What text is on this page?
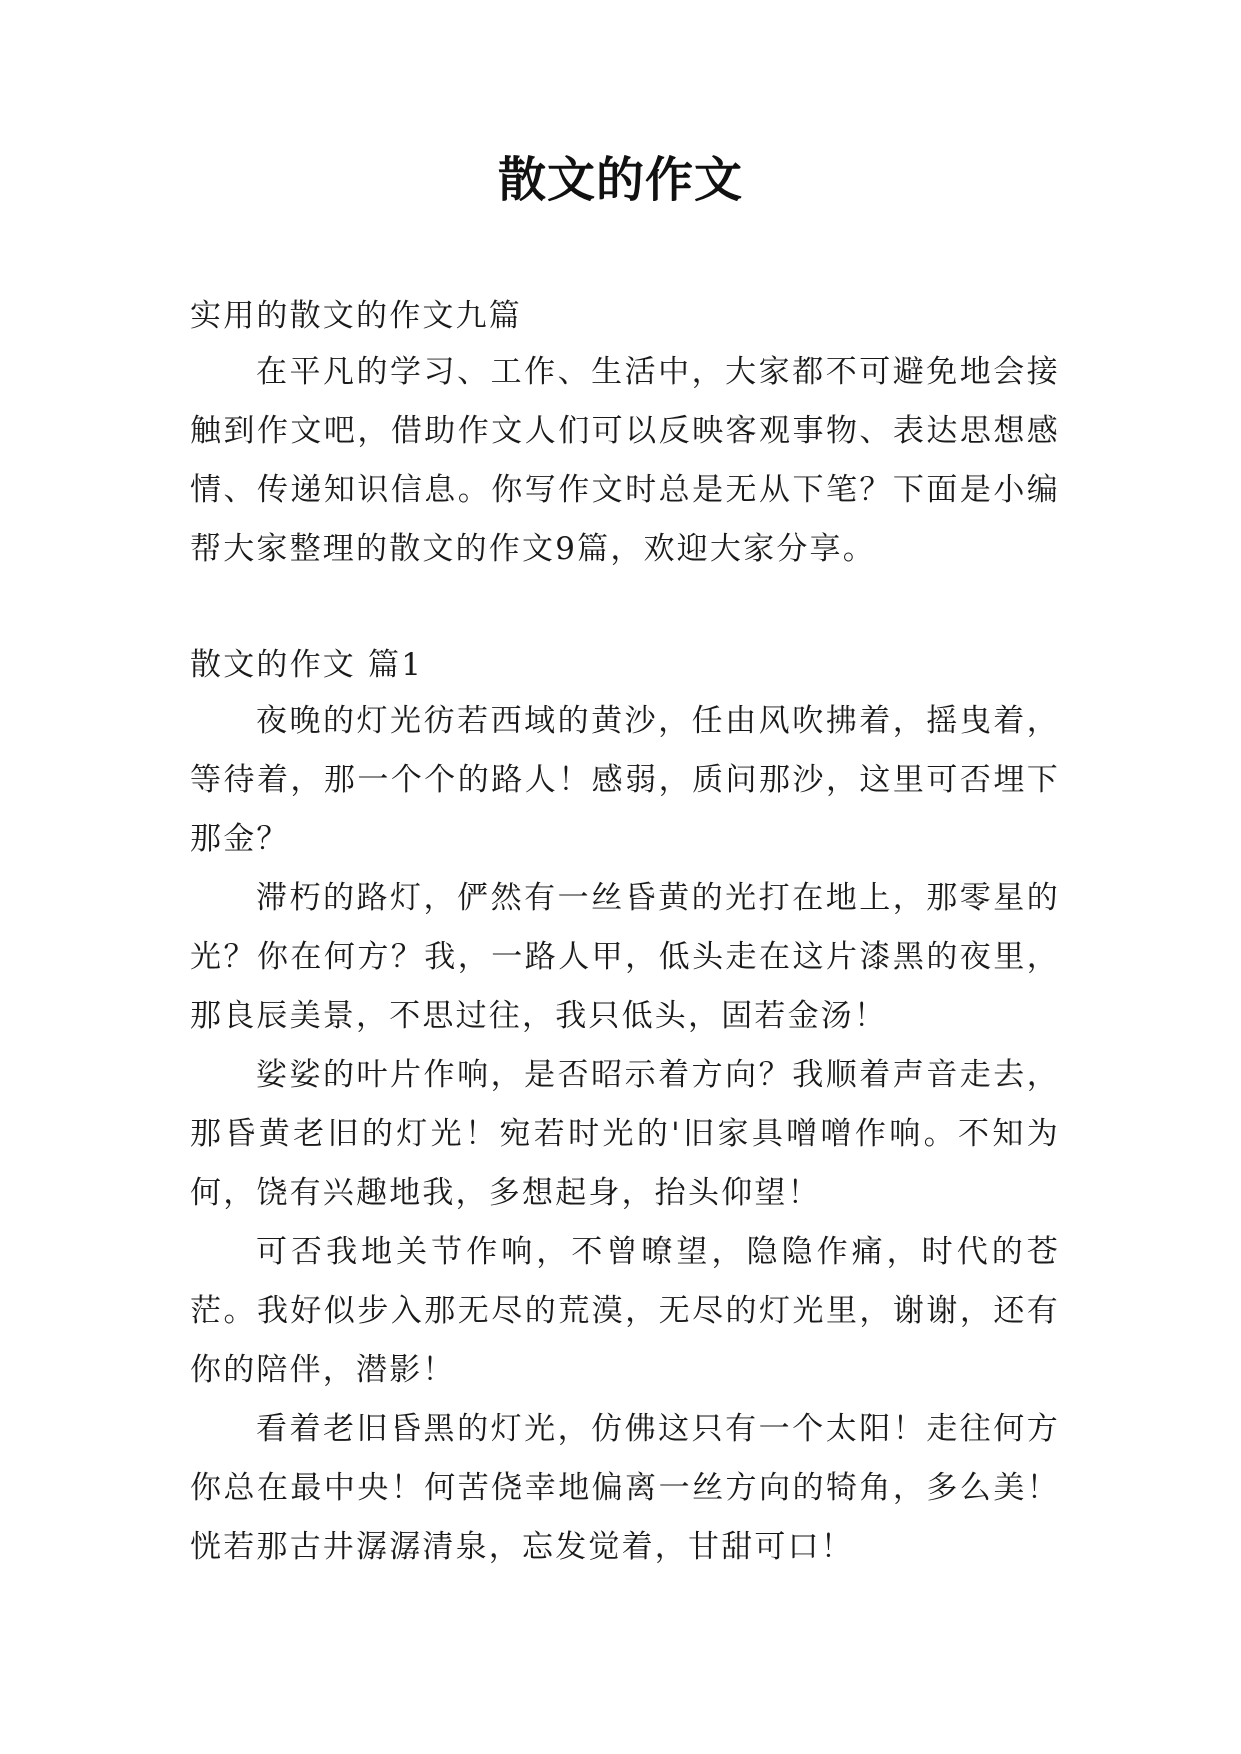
散文的作文
实用的散文的作文九篇

在平凡的学习、工作、生活中，大家都不可避免地会接触到作文吧，借助作文人们可以反映客观事物、表达思想感情、传递知识信息。你写作文时总是无从下笔？下面是小编帮大家整理的散文的作文9篇，欢迎大家分享。

散文的作文 篇1

夜晚的灯光彷若西域的黄沙，任由风吹拂着，摇曳着，等待着，那一个个的路人！感弱，质问那沙，这里可否埋下那金？

滞朽的路灯，俨然有一丝昏黄的光打在地上，那零星的光？你在何方？我，一路人甲，低头走在这片漆黑的夜里，那良辰美景，不思过往，我只低头，固若金汤！

娑娑的叶片作响，是否昭示着方向？我顺着声音走去，那昏黄老旧的灯光！宛若时光的'旧家具噌噌作响。不知为何，饶有兴趣地我，多想起身，抬头仰望！

可否我地关节作响，不曾暸望，隐隐作痛，时代的苍茫。我好似步入那无尽的荒漠，无尽的灯光里，谢谢，还有你的陪伴，潜影！

看着老旧昏黑的灯光，仿佛这只有一个太阳！走往何方你总在最中央！何苦侥幸地偏离一丝方向的犄角，多么美！恍若那古井潺潺清泉，忘发觉着，甘甜可口！
